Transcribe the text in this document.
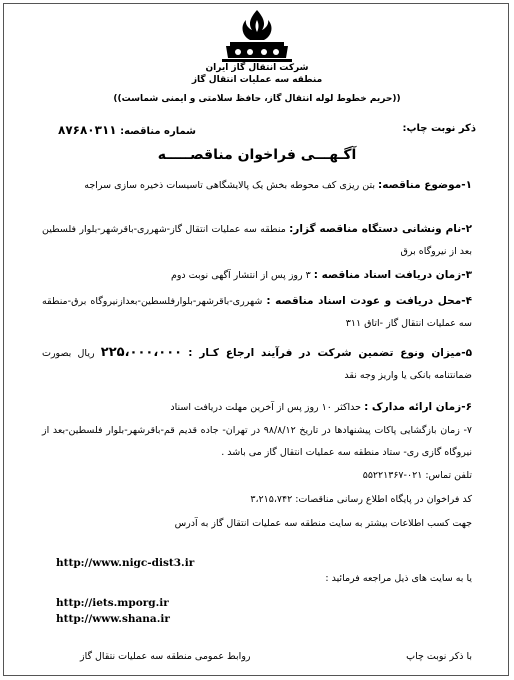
شرکت انتقال گاز ایران
منطقه سه عملیات انتقال گاز
((حریم خطوط لوله انتقال گاز، حافظ سلامتی و ایمنی شماست))
ذکر نوبت چاپ:
شماره مناقصه: ۸۷۶۸۰۳۱۱
آگـهـــی فراخوان مناقصـــــه
۱-موضوع مناقصه: بتن ریزی کف محوطه بخش یک پالایشگاهی تاسیسات ذخیره سازی سراجه
۲-نام ونشانی دستگاه مناقصه گزار: منطقه سه عملیات انتقال گاز-شهرری-باقرشهر-بلوار فلسطین بعد از نیروگاه برق
۳-زمان دریافت اسناد مناقصه : ۳ روز پس از انتشار آگهی نوبت دوم
۴-محل دریافت و عودت اسناد مناقصه : شهرری-باقرشهر-بلوارفلسطین-بعدازنیروگاه برق-منطقه سه عملیات انتقال گاز -اتاق ۳۱۱
۵-میزان ونوع تضمین شرکت در فرآیند ارجاع کـار : ۲۲۵،۰۰۰،۰۰۰ ریال بصورت ضمانتنامه بانکی یا واریز وجه نقد
۶-زمان ارائه مدارک : حداکثر ۱۰ روز پس از آخرین مهلت دریافت اسناد
۷- زمان بازگشایی پاکات پیشنهادها در تاریخ ۹۸/۸/۱۲ در تهران- جاده قدیم قم-باقرشهر-بلوار فلسطین-بعد از نیروگاه گازی ری- ستاد منطقه سه عملیات انتقال گاز می باشد .
تلفن تماس: ۰۲۱-۵۵۲۲۱۳۶۷
کد فراخوان در پایگاه اطلاع رسانی مناقصات: ۳،۲۱۵،۷۴۲
جهت کسب اطلاعات بیشتر به سایت منطقه سه عملیات انتقال گاز به آدرس
http://www.nigc-dist3.ir
یا به سایت های ذیل مراجعه فرمائید :
http://iets.mporg.ir
http://www.shana.ir
با ذکر نوبت چاپ
روابط عمومی منطقه سه عملیات نتقال گاز
